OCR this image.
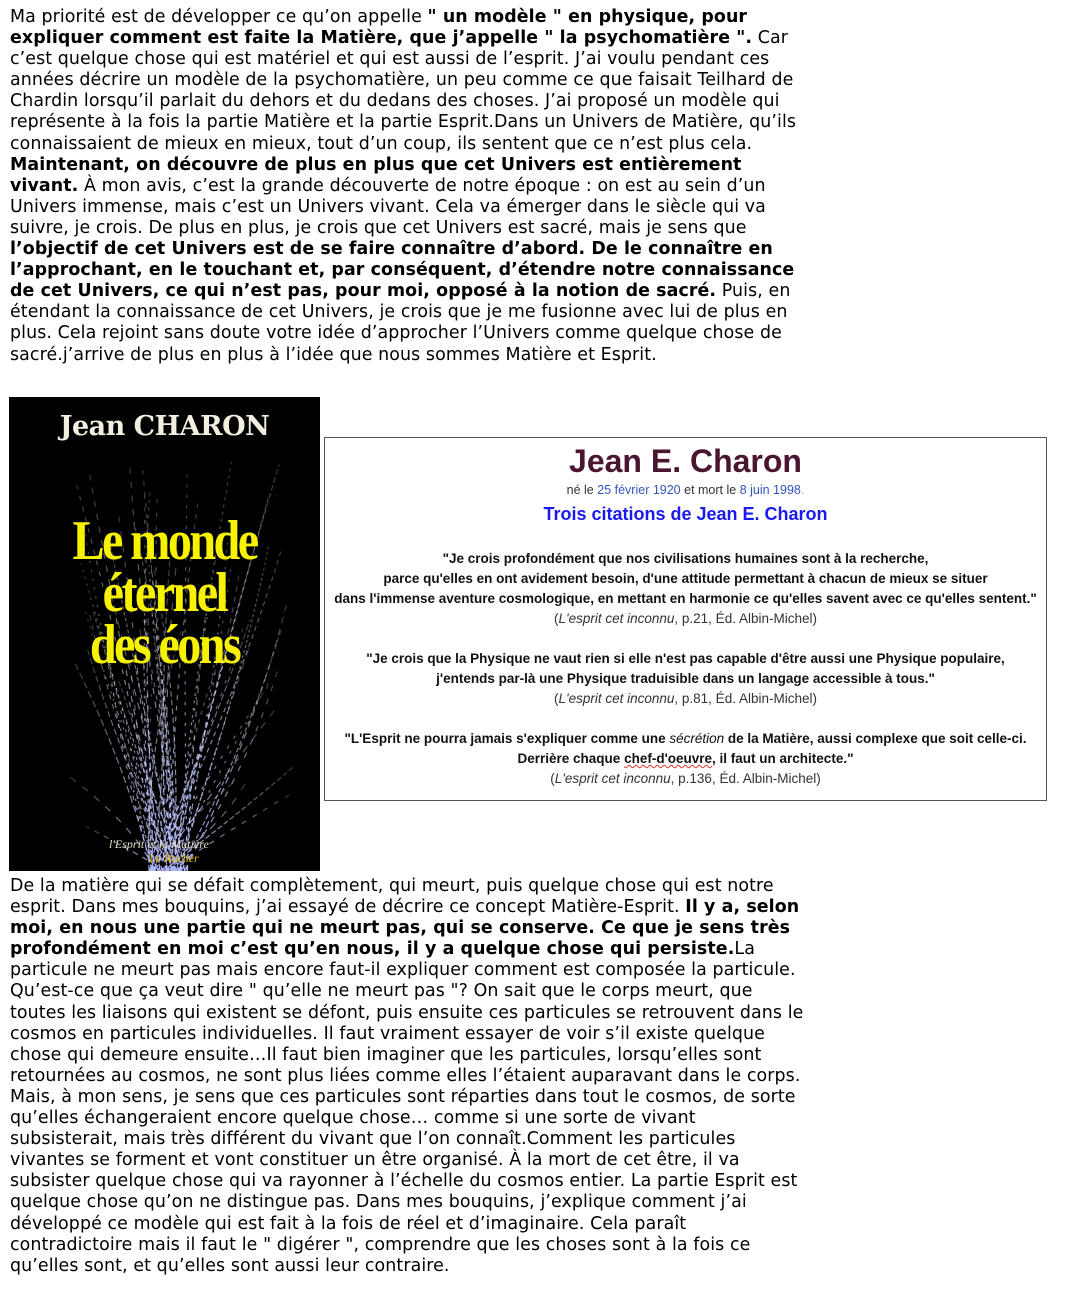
Ma priorité est de développer ce qu’on appelle " un modèle " en physique, pour expliquer comment est faite la Matière, que j’appelle " la psychomatière ". Car c’est quelque chose qui est matériel et qui est aussi de l’esprit. J’ai voulu pendant ces années décrire un modèle de la psychomatière, un peu comme ce que faisait Teilhard de Chardin lorsqu’il parlait du dehors et du dedans des choses. J’ai proposé un modèle qui représente à la fois la partie Matière et la partie Esprit.Dans un Univers de Matière, qu’ils connaissaient de mieux en mieux, tout d’un coup, ils sentent que ce n’est plus cela. Maintenant, on découvre de plus en plus que cet Univers est entièrement vivant. À mon avis, c’est la grande découverte de notre époque : on est au sein d’un Univers immense, mais c’est un Univers vivant. Cela va émerger dans le siècle qui va suivre, je crois. De plus en plus, je crois que cet Univers est sacré, mais je sens que l’objectif de cet Univers est de se faire connaître d’abord. De le connaître en l’approchant, en le touchant et, par conséquent, d’étendre notre connaissance de cet Univers, ce qui n’est pas, pour moi, opposé à la notion de sacré. Puis, en étendant la connaissance de cet Univers, je crois que je me fusionne avec lui de plus en plus. Cela rejoint sans doute votre idée d’approcher l’Univers comme quelque chose de sacré.j’arrive de plus en plus à l’idée que nous sommes Matière et Esprit.
Jean CHARON
Le monde
éternel
des éons
l'Esprit et la Matière
Le Rocher
Jean E. Charon
né le 25 février 1920 et mort le 8 juin 1998.
Trois citations de Jean E. Charon
"Je crois profondément que nos civilisations humaines sont à la recherche,
parce qu'elles en ont avidement besoin, d'une attitude permettant à chacun de mieux se situer
dans l'immense aventure cosmologique, en mettant en harmonie ce qu'elles savent avec ce qu'elles sentent."
(L'esprit cet inconnu, p.21, Éd. Albin-Michel)
"Je crois que la Physique ne vaut rien si elle n'est pas capable d'être aussi une Physique populaire,
j'entends par-là une Physique traduisible dans un langage accessible à tous."
(L'esprit cet inconnu, p.81, Éd. Albin-Michel)
"L'Esprit ne pourra jamais s'expliquer comme une sécrétion de la Matière, aussi complexe que soit celle-ci.
Derrière chaque chef-d'oeuvre, il faut un architecte."
(L'esprit cet inconnu, p.136, Éd. Albin-Michel)
De la matière qui se défait complètement, qui meurt, puis quelque chose qui est notre esprit. Dans mes bouquins, j’ai essayé de décrire ce concept Matière-Esprit. Il y a, selon moi, en nous une partie qui ne meurt pas, qui se conserve. Ce que je sens très profondément en moi c’est qu’en nous, il y a quelque chose qui persiste.La particule ne meurt pas mais encore faut-il expliquer comment est composée la particule. Qu’est-ce que ça veut dire " qu’elle ne meurt pas "? On sait que le corps meurt, que toutes les liaisons qui existent se défont, puis ensuite ces particules se retrouvent dans le cosmos en particules individuelles. Il faut vraiment essayer de voir s’il existe quelque chose qui demeure ensuite…Il faut bien imaginer que les particules, lorsqu’elles sont retournées au cosmos, ne sont plus liées comme elles l’étaient auparavant dans le corps. Mais, à mon sens, je sens que ces particules sont réparties dans tout le cosmos, de sorte qu’elles échangeraient encore quelque chose… comme si une sorte de vivant subsisterait, mais très différent du vivant que l’on connaît.Comment les particules vivantes se forment et vont constituer un être organisé. À la mort de cet être, il va subsister quelque chose qui va rayonner à l’échelle du cosmos entier. La partie Esprit est quelque chose qu’on ne distingue pas. Dans mes bouquins, j’explique comment j’ai développé ce modèle qui est fait à la fois de réel et d’imaginaire. Cela paraît contradictoire mais il faut le " digérer ", comprendre que les choses sont à la fois ce qu’elles sont, et qu’elles sont aussi leur contraire.
